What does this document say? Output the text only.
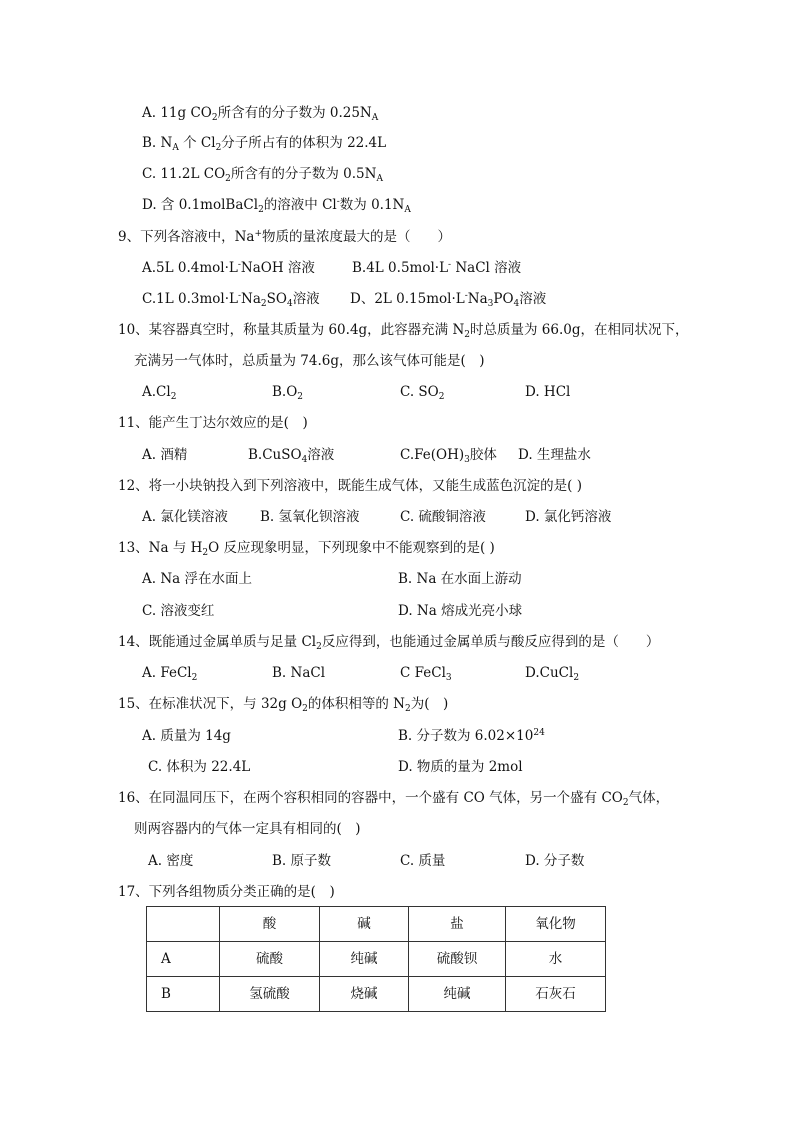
A. 11g $CO_2$所含有的分子数为 $0.25N_A$
B. $N_A$ 个 $Cl_2$分子所占有的体积为 22.4L
C. 11.2L $CO_2$所含有的分子数为 $0.5N_A$
D. 含 0.1molBaCl$_2$的溶液中 Cl-数为 $0.1N_A$
9、下列各溶液中，Na+物质的量浓度最大的是（　　）
A.5L 0.4mol·L-NaOH 溶液	B.4L 0.5mol·L- NaCl 溶液
C.1L $0.3mol\cdot L^-Na_2SO_4$溶液 D、2L $0.15mol\cdot L^-Na_3PO_4$溶液
10、某容器真空时，称量其质量为 60.4g，此容器充满 $N_2$时总质量为 66.0g，在相同状况下，
充满另一气体时，总质量为 74.6g，那么该气体可能是(　)
$A.Cl_2$	$B.O_2$	C. $SO_2$	D. HCl
11、能产生丁达尔效应的是(　)
A. 酒精	B.CuSO$_4$溶液	$C.Fe(OH)_3$胶体 D. 生理盐水
12、将一小块钠投入到下列溶液中，既能生成气体，又能生成蓝色沉淀的是( )
A. 氯化镁溶液 B. 氢氧化钡溶液	C. 硫酸铜溶液	D. 氯化钙溶液
13、Na 与 $H_2O$ 反应现象明显，下列现象中不能观察到的是( )
A. Na 浮在水面上	B. Na 在水面上游动
C. 溶液变红	D. Na 熔成光亮小球
14、既能通过金属单质与足量 $Cl_2$反应得到，也能通过金属单质与酸反应得到的是（　　）
A. FeCl$_2$	B. NaCl	C FeCl$_3$	D.CuCl$_2$
15、在标准状况下，与 32g $O_2$的体积相等的 $N_2$为(　)
A. 质量为 14g	B. 分子数为 $6.02\times 10^{24}$
C. 体积为 22.4L	D. 物质的量为 2mol
16、在同温同压下，在两个容积相同的容器中，一个盛有 CO 气体，另一个盛有 $CO_2$气体，
则两容器内的气体一定具有相同的(　)
A. 密度	B. 原子数	C. 质量	D. 分子数
17、下列各组物质分类正确的是(　)
	酸	碱	盐	氧化物
A	硫酸	纯碱	硫酸钡	水
B	氢硫酸	烧碱	纯碱	石灰石
